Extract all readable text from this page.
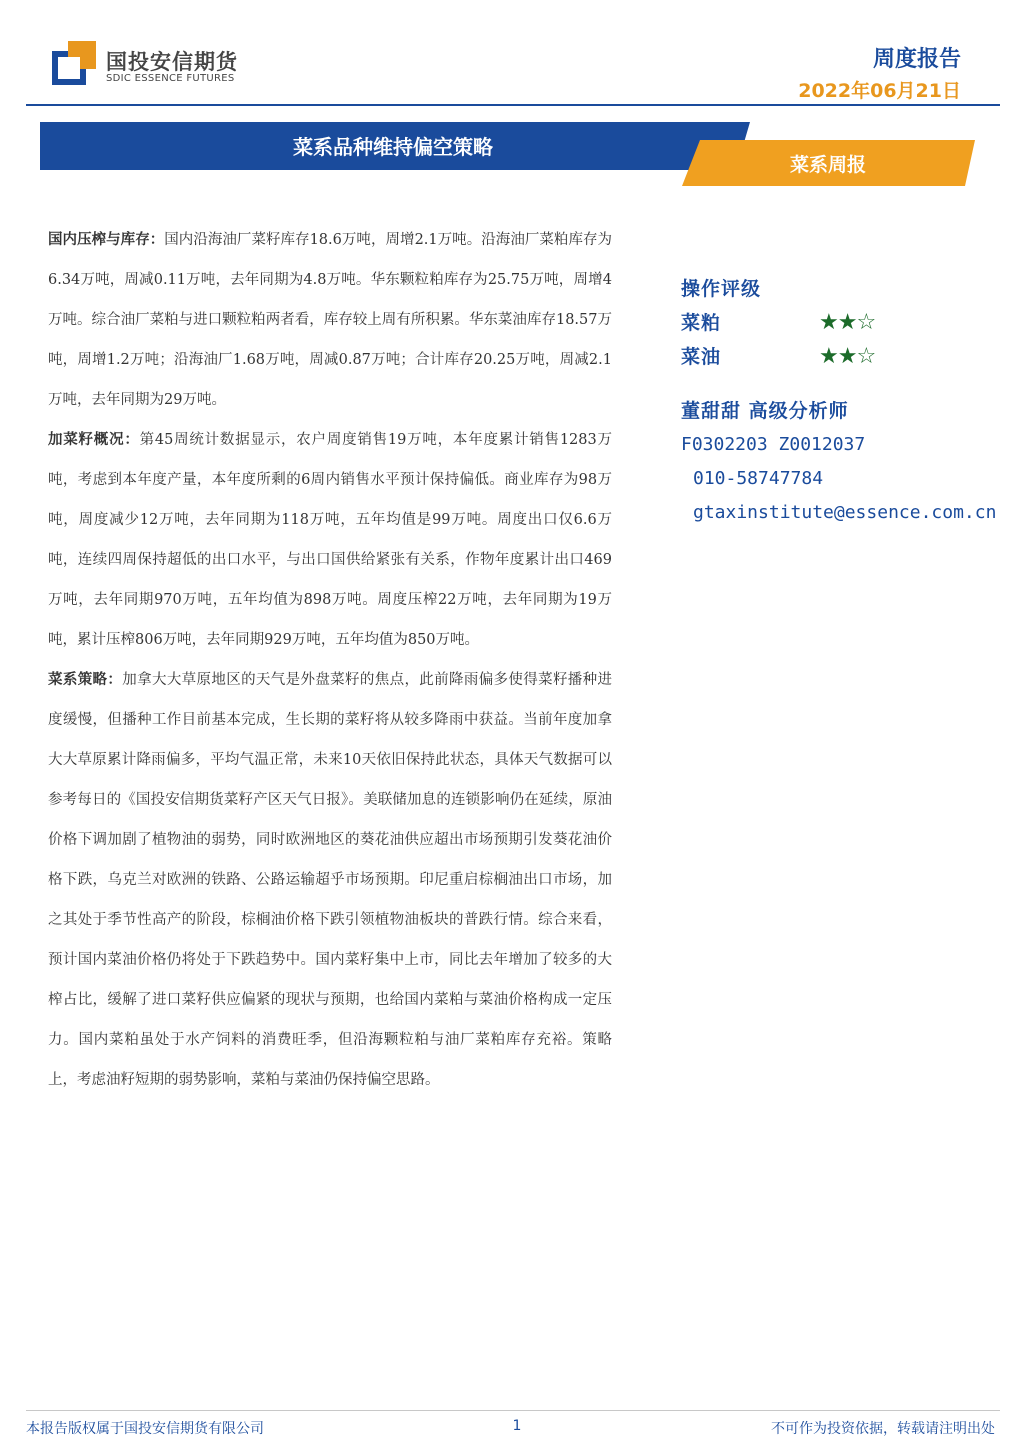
国投安信期货
SDIC ESSENCE FUTURES
周度报告
2022年06月21日
菜系品种维持偏空策略
菜系周报

国内压榨与库存：国内沿海油厂菜籽库存18.6万吨，周增2.1万吨。沿海油厂菜粕库存为6.34万吨，周减0.11万吨，去年同期为4.8万吨。华东颗粒粕库存为25.75万吨，周增4万吨。综合油厂菜粕与进口颗粒粕两者看，库存较上周有所积累。华东菜油库存18.57万吨，周增1.2万吨；沿海油厂1.68万吨，周减0.87万吨；合计库存20.25万吨，周减2.1万吨，去年同期为29万吨。

加菜籽概况：第45周统计数据显示，农户周度销售19万吨，本年度累计销售1283万吨，考虑到本年度产量，本年度所剩的6周内销售水平预计保持偏低。商业库存为98万吨，周度减少12万吨，去年同期为118万吨，五年均值是99万吨。周度出口仅6.6万吨，连续四周保持超低的出口水平，与出口国供给紧张有关系，作物年度累计出口469万吨，去年同期970万吨，五年均值为898万吨。周度压榨22万吨，去年同期为19万吨，累计压榨806万吨，去年同期929万吨，五年均值为850万吨。

菜系策略：加拿大大草原地区的天气是外盘菜籽的焦点，此前降雨偏多使得菜籽播种进度缓慢，但播种工作目前基本完成，生长期的菜籽将从较多降雨中获益。当前年度加拿大大草原累计降雨偏多，平均气温正常，未来10天依旧保持此状态，具体天气数据可以参考每日的《国投安信期货菜籽产区天气日报》。美联储加息的连锁影响仍在延续，原油价格下调加剧了植物油的弱势，同时欧洲地区的葵花油供应超出市场预期引发葵花油价格下跌，乌克兰对欧洲的铁路、公路运输超乎市场预期。印尼重启棕榈油出口市场，加之其处于季节性高产的阶段，棕榈油价格下跌引领植物油板块的普跌行情。综合来看，预计国内菜油价格仍将处于下跌趋势中。国内菜籽集中上市，同比去年增加了较多的大榨占比，缓解了进口菜籽供应偏紧的现状与预期，也给国内菜粕与菜油价格构成一定压力。国内菜粕虽处于水产饲料的消费旺季，但沿海颗粒粕与油厂菜粕库存充裕。策略上，考虑油籽短期的弱势影响，菜粕与菜油仍保持偏空思路。

操作评级
菜粕	★★☆
菜油	★★☆
董甜甜 高级分析师
F0302203 Z0012037
010-58747784
gtaxinstitute@essence.com.cn
本报告版权属于国投安信期货有限公司	1	不可作为投资依据，转载请注明出处
